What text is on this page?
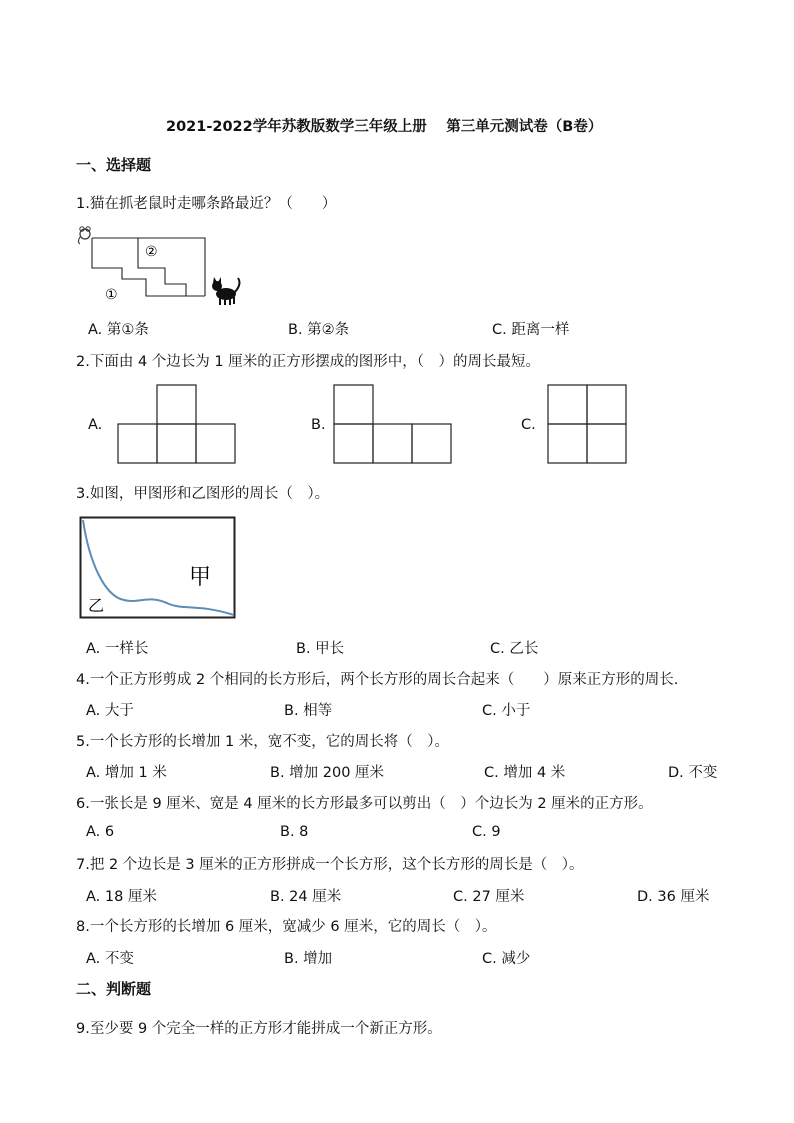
2021-2022学年苏教版数学三年级上册　 第三单元测试卷（B卷）
一、选择题
1.猫在抓老鼠时走哪条路最近？（　　）
①
②
A. 第①条	B. 第②条	C. 距离一样
2.下面由 4 个边长为 1 厘米的正方形摆成的图形中，（　）的周长最短。
A.	B.	C.
3.如图，甲图形和乙图形的周长（　）。
甲
乙
A. 一样长	B. 甲长	C. 乙长
4.一个正方形剪成 2 个相同的长方形后，两个长方形的周长合起来（　　）原来正方形的周长.
A. 大于	B. 相等	C. 小于
5.一个长方形的长增加 1 米，宽不变，它的周长将（　）。
A. 增加 1 米	B. 增加 200 厘米	C. 增加 4 米	D. 不变
6.一张长是 9 厘米、宽是 4 厘米的长方形最多可以剪出（　）个边长为 2 厘米的正方形。
A. 6	B. 8	C. 9
7.把 2 个边长是 3 厘米的正方形拼成一个长方形，这个长方形的周长是（　）。
A. 18 厘米	B. 24 厘米	C. 27 厘米	D. 36 厘米
8.一个长方形的长增加 6 厘米，宽减少 6 厘米，它的周长（　）。
A. 不变	B. 增加	C. 减少
二、判断题
9.至少要 9 个完全一样的正方形才能拼成一个新正方形。
